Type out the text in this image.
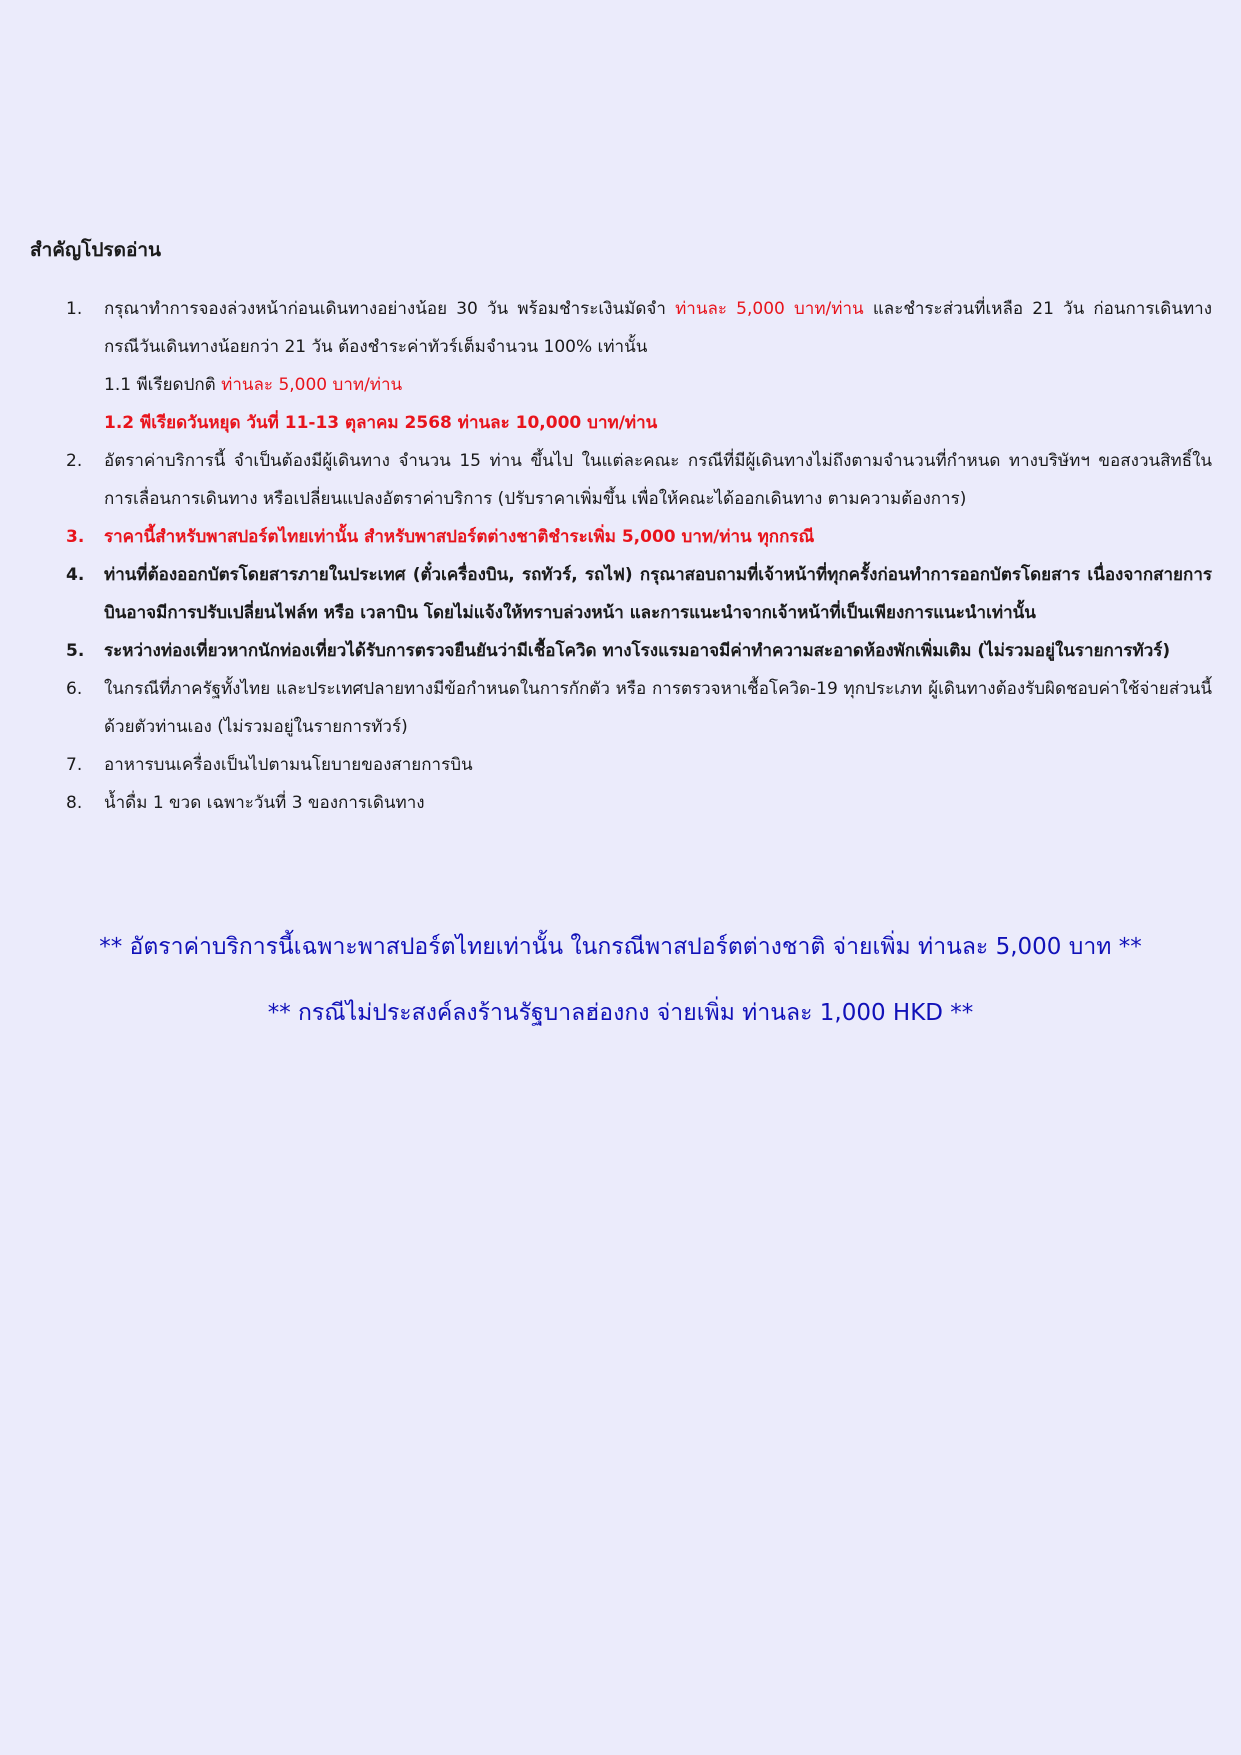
สำคัญโปรดอ่าน
1.	กรุณาทำการจองล่วงหน้าก่อนเดินทางอย่างน้อย 30 วัน พร้อมชำระเงินมัดจำ ท่านละ 5,000 บาท/ท่าน และชำระส่วนที่เหลือ 21 วัน ก่อนการเดินทาง กรณีวันเดินทางน้อยกว่า 21 วัน ต้องชำระค่าทัวร์เต็มจำนวน 100% เท่านั้น
1.1 พีเรียดปกติ ท่านละ 5,000 บาท/ท่าน
1.2 พีเรียดวันหยุด วันที่ 11-13 ตุลาคม 2568 ท่านละ 10,000 บาท/ท่าน
2.	อัตราค่าบริการนี้ จำเป็นต้องมีผู้เดินทาง จำนวน 15 ท่าน ขึ้นไป ในแต่ละคณะ กรณีที่มีผู้เดินทางไม่ถึงตามจำนวนที่กำหนด ทางบริษัทฯ ขอสงวนสิทธิ์ในการเลื่อนการเดินทาง หรือเปลี่ยนแปลงอัตราค่าบริการ (ปรับราคาเพิ่มขึ้น เพื่อให้คณะได้ออกเดินทาง ตามความต้องการ)
3.	ราคานี้สำหรับพาสปอร์ตไทยเท่านั้น สำหรับพาสปอร์ตต่างชาติชำระเพิ่ม 5,000 บาท/ท่าน ทุกกรณี
4.	ท่านที่ต้องออกบัตรโดยสารภายในประเทศ (ตั๋วเครื่องบิน, รถทัวร์, รถไฟ) กรุณาสอบถามที่เจ้าหน้าที่ทุกครั้งก่อนทำการออกบัตรโดยสาร เนื่องจากสายการบินอาจมีการปรับเปลี่ยนไฟล์ท หรือ เวลาบิน โดยไม่แจ้งให้ทราบล่วงหน้า และการแนะนำจากเจ้าหน้าที่เป็นเพียงการแนะนำเท่านั้น
5.	ระหว่างท่องเที่ยวหากนักท่องเที่ยวได้รับการตรวจยืนยันว่ามีเชื้อโควิด ทางโรงแรมอาจมีค่าทำความสะอาดห้องพักเพิ่มเติม (ไม่รวมอยู่ในรายการทัวร์)
6.	ในกรณีที่ภาครัฐทั้งไทย และประเทศปลายทางมีข้อกำหนดในการกักตัว หรือ การตรวจหาเชื้อโควิด-19 ทุกประเภท ผู้เดินทางต้องรับผิดชอบค่าใช้จ่ายส่วนนี้ด้วยตัวท่านเอง (ไม่รวมอยู่ในรายการทัวร์)
7.	อาหารบนเครื่องเป็นไปตามนโยบายของสายการบิน
8.	น้ำดื่ม 1 ขวด เฉพาะวันที่ 3 ของการเดินทาง
** อัตราค่าบริการนี้เฉพาะพาสปอร์ตไทยเท่านั้น ในกรณีพาสปอร์ตต่างชาติ จ่ายเพิ่ม ท่านละ 5,000 บาท **
** กรณีไม่ประสงค์ลงร้านรัฐบาลฮ่องกง จ่ายเพิ่ม ท่านละ 1,000 HKD **
